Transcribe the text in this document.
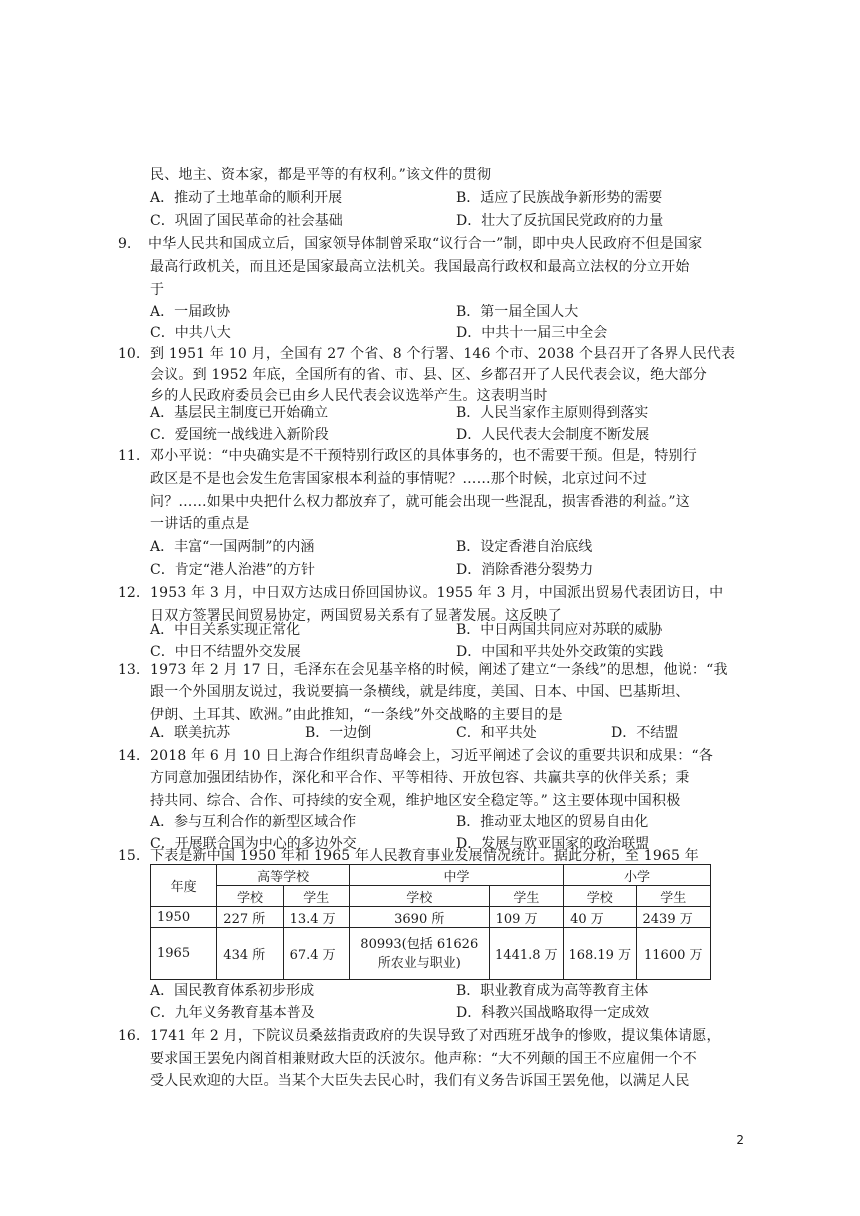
民、地主、资本家，都是平等的有权利。”该文件的贯彻
A．推动了土地革命的顺利开展	B．适应了民族战争新形势的需要
C．巩固了国民革命的社会基础	D．壮大了反抗国民党政府的力量
9. 中华人民共和国成立后，国家领导体制曾采取“议行合一”制，即中央人民政府不但是国家
最高行政机关，而且还是国家最高立法机关。我国最高行政权和最高立法权的分立开始
于
A．一届政协	B．第一届全国人大
C．中共八大	D．中共十一届三中全会
10. 到 1951 年 10 月，全国有 27 个省、8 个行署、146 个市、2038 个县召开了各界人民代表
会议。到 1952 年底，全国所有的省、市、县、区、乡都召开了人民代表会议，绝大部分
乡的人民政府委员会已由乡人民代表会议选举产生。这表明当时
A．基层民主制度已开始确立	B．人民当家作主原则得到落实
C．爱国统一战线进入新阶段	D．人民代表大会制度不断发展
11. 邓小平说：“中央确实是不干预特别行政区的具体事务的，也不需要干预。但是，特别行
政区是不是也会发生危害国家根本利益的事情呢？……那个时候，北京过问不过
问？……如果中央把什么权力都放弃了，就可能会出现一些混乱，损害香港的利益。”这
一讲话的重点是
A．丰富“一国两制”的内涵	B．设定香港自治底线
C．肯定“港人治港”的方针	D．消除香港分裂势力
12. 1953 年 3 月，中日双方达成日侨回国协议。1955 年 3 月，中国派出贸易代表团访日，中
日双方签署民间贸易协定，两国贸易关系有了显著发展。这反映了
A．中日关系实现正常化	B．中日两国共同应对苏联的威胁
C．中日不结盟外交发展	D．中国和平共处外交政策的实践
13. 1973 年 2 月 17 日，毛泽东在会见基辛格的时候，阐述了建立“一条线”的思想，他说：“我
跟一个外国朋友说过，我说要搞一条横线，就是纬度，美国、日本、中国、巴基斯坦、
伊朗、土耳其、欧洲。”由此推知，“一条线”外交战略的主要目的是
A．联美抗苏	B．一边倒	C．和平共处	D．不结盟
14. 2018 年 6 月 10 日上海合作组织青岛峰会上，习近平阐述了会议的重要共识和成果：“各
方同意加强团结协作，深化和平合作、平等相待、开放包容、共赢共享的伙伴关系；秉
持共同、综合、合作、可持续的安全观，维护地区安全稳定等。” 这主要体现中国积极
A．参与互利合作的新型区域合作	B．推动亚太地区的贸易自由化
C．开展联合国为中心的多边外交	D．发展与欧亚国家的政治联盟
15. 下表是新中国 1950 年和 1965 年人民教育事业发展情况统计。据此分析，至 1965 年
年度	高等学校		中学		小学	
	学校	学生	学校	学生	学校	学生
1950	227 所	13.4 万	3690 所	109 万	40 万	2439 万
1965	434 所	67.4 万	80993(包括 61626 所农业与职业)	1441.8 万	168.19 万	11600 万
A．国民教育体系初步形成	B．职业教育成为高等教育主体
C．九年义务教育基本普及	D．科教兴国战略取得一定成效
16. 1741 年 2 月，下院议员桑兹指责政府的失误导致了对西班牙战争的惨败，提议集体请愿，
要求国王罢免内阁首相兼财政大臣的沃波尔。他声称：“大不列颠的国王不应雇佣一个不
受人民欢迎的大臣。当某个大臣失去民心时，我们有义务告诉国王罢免他，以满足人民
2
